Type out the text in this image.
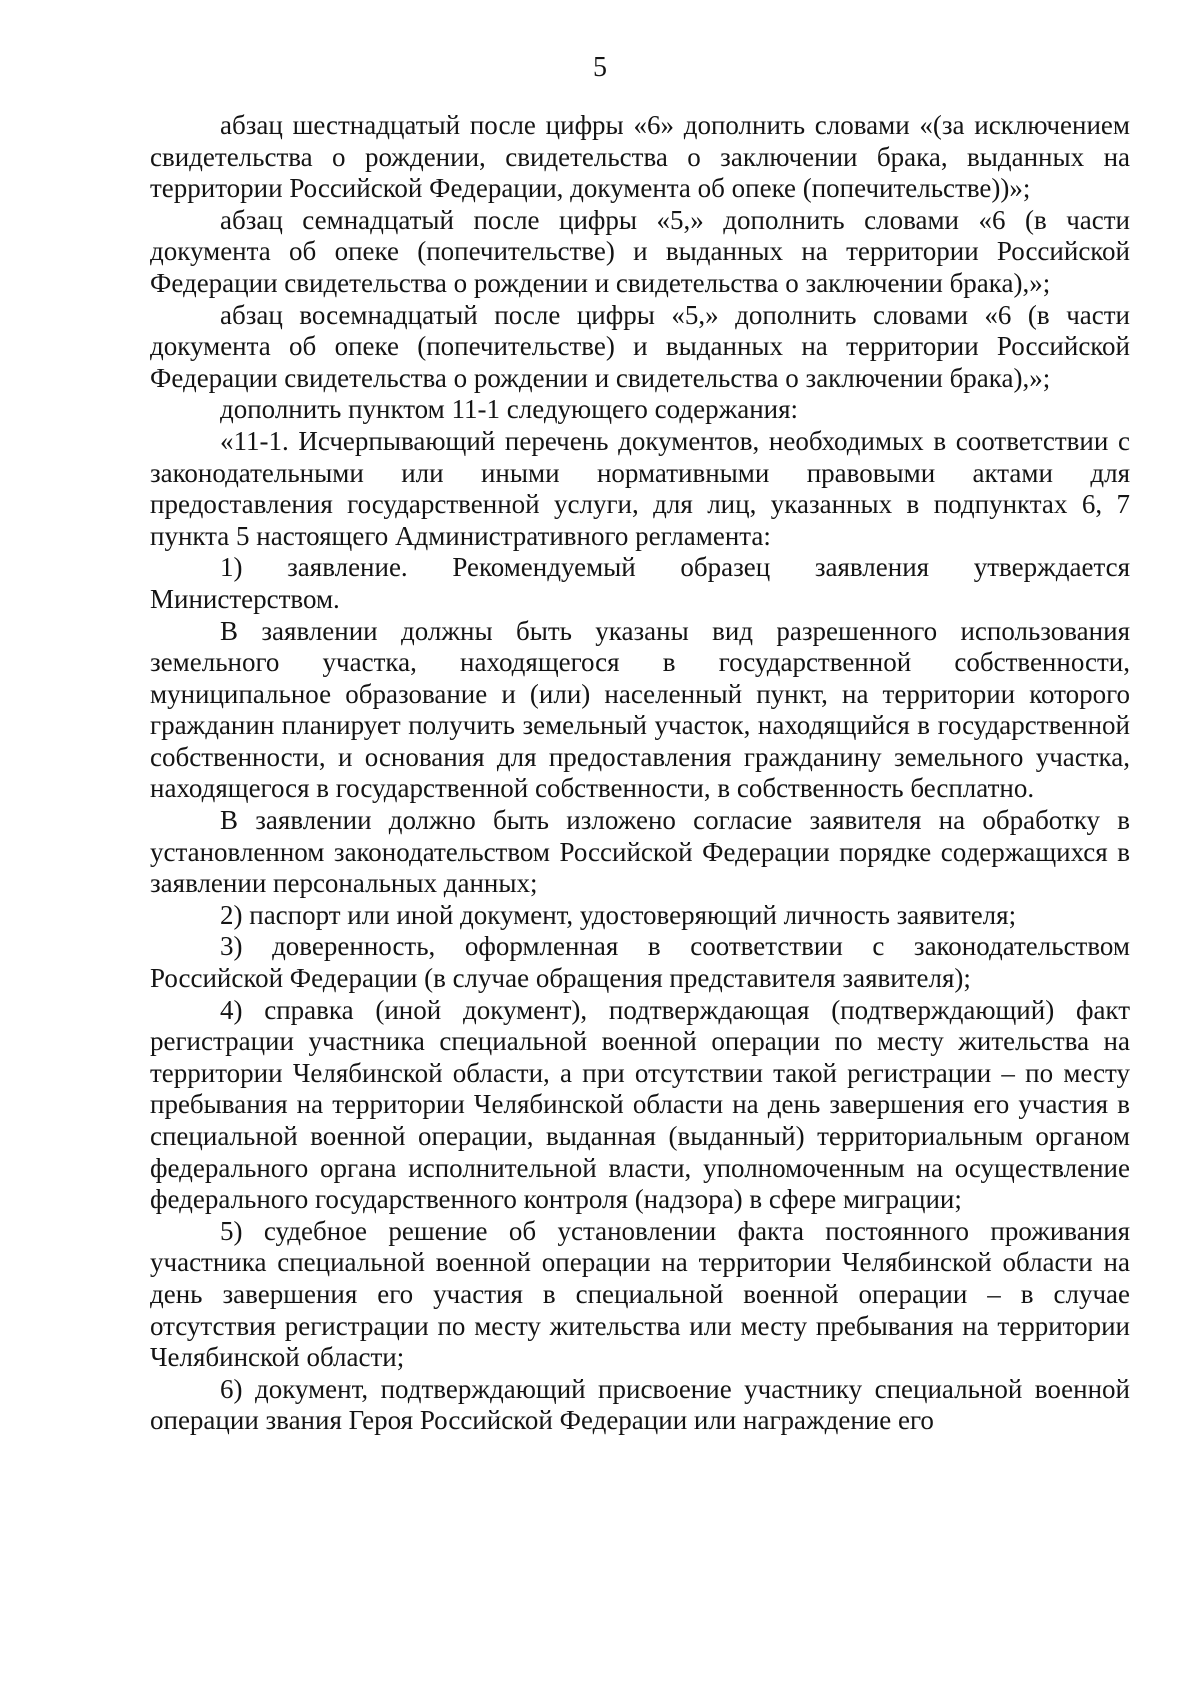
5

абзац шестнадцатый после цифры «6» дополнить словами «(за исключением свидетельства о рождении, свидетельства о заключении брака, выданных на территории Российской Федерации, документа об опеке (попечительстве))»;

абзац семнадцатый после цифры «5,» дополнить словами «6 (в части документа об опеке (попечительстве) и выданных на территории Российской Федерации свидетельства о рождении и свидетельства о заключении брака),»;

абзац восемнадцатый после цифры «5,» дополнить словами «6 (в части документа об опеке (попечительстве) и выданных на территории Российской Федерации свидетельства о рождении и свидетельства о заключении брака),»;

дополнить пунктом 11-1 следующего содержания:

«11-1. Исчерпывающий перечень документов, необходимых в соответствии с законодательными или иными нормативными правовыми актами для предоставления государственной услуги, для лиц, указанных в подпунктах 6, 7 пункта 5 настоящего Административного регламента:

1) заявление. Рекомендуемый образец заявления утверждается Министерством.

В заявлении должны быть указаны вид разрешенного использования земельного участка, находящегося в государственной собственности, муниципальное образование и (или) населенный пункт, на территории которого гражданин планирует получить земельный участок, находящийся в государственной собственности, и основания для предоставления гражданину земельного участка, находящегося в государственной собственности, в собственность бесплатно.

В заявлении должно быть изложено согласие заявителя на обработку в установленном законодательством Российской Федерации порядке содержащихся в заявлении персональных данных;

2) паспорт или иной документ, удостоверяющий личность заявителя;

3) доверенность, оформленная в соответствии с законодательством Российской Федерации (в случае обращения представителя заявителя);

4) справка (иной документ), подтверждающая (подтверждающий) факт регистрации участника специальной военной операции по месту жительства на территории Челябинской области, а при отсутствии такой регистрации – по месту пребывания на территории Челябинской области на день завершения его участия в специальной военной операции, выданная (выданный) территориальным органом федерального органа исполнительной власти, уполномоченным на осуществление федерального государственного контроля (надзора) в сфере миграции;

5) судебное решение об установлении факта постоянного проживания участника специальной военной операции на территории Челябинской области на день завершения его участия в специальной военной операции – в случае отсутствия регистрации по месту жительства или месту пребывания на территории Челябинской области;

6) документ, подтверждающий присвоение участнику специальной военной операции звания Героя Российской Федерации или награждение его
